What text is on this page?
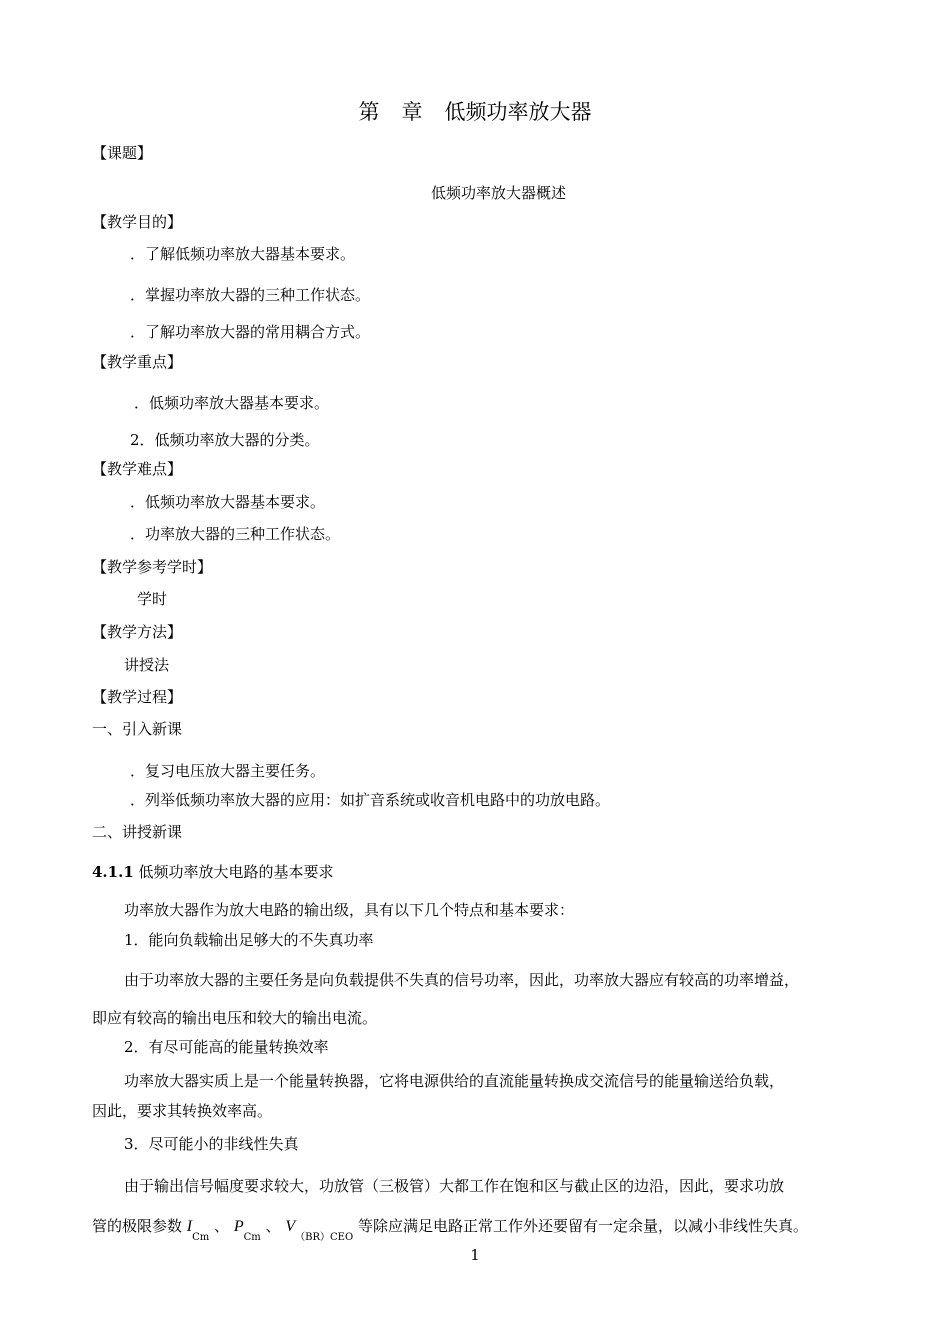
第 章 低频功率放大器
【课题】
低频功率放大器概述
【教学目的】
．了解低频功率放大器基本要求。
．掌握功率放大器的三种工作状态。
．了解功率放大器的常用耦合方式。
【教学重点】
．低频功率放大器基本要求。
2．低频功率放大器的分类。
【教学难点】
．低频功率放大器基本要求。
．功率放大器的三种工作状态。
【教学参考学时】
学时
【教学方法】
讲授法
【教学过程】
一、引入新课
．复习电压放大器主要任务。
．列举低频功率放大器的应用：如扩音系统或收音机电路中的功放电路。
二、讲授新课
4.1.1 低频功率放大电路的基本要求
功率放大器作为放大电路的输出级，具有以下几个特点和基本要求：
1．能向负载输出足够大的不失真功率
由于功率放大器的主要任务是向负载提供不失真的信号功率，因此，功率放大器应有较高的功率增益，
即应有较高的输出电压和较大的输出电流。
2．有尽可能高的能量转换效率
功率放大器实质上是一个能量转换器，它将电源供给的直流能量转换成交流信号的能量输送给负载，
因此，要求其转换效率高。
3．尽可能小的非线性失真
由于输出信号幅度要求较大，功放管（三极管）大都工作在饱和区与截止区的边沿，因此，要求功放
管的极限参数 $I_{Cm}$ 、 $P_{Cm}$ 、 $V_{(BR)CEO}$ 等除应满足电路正常工作外还要留有一定余量，以减小非线性失真。
1
